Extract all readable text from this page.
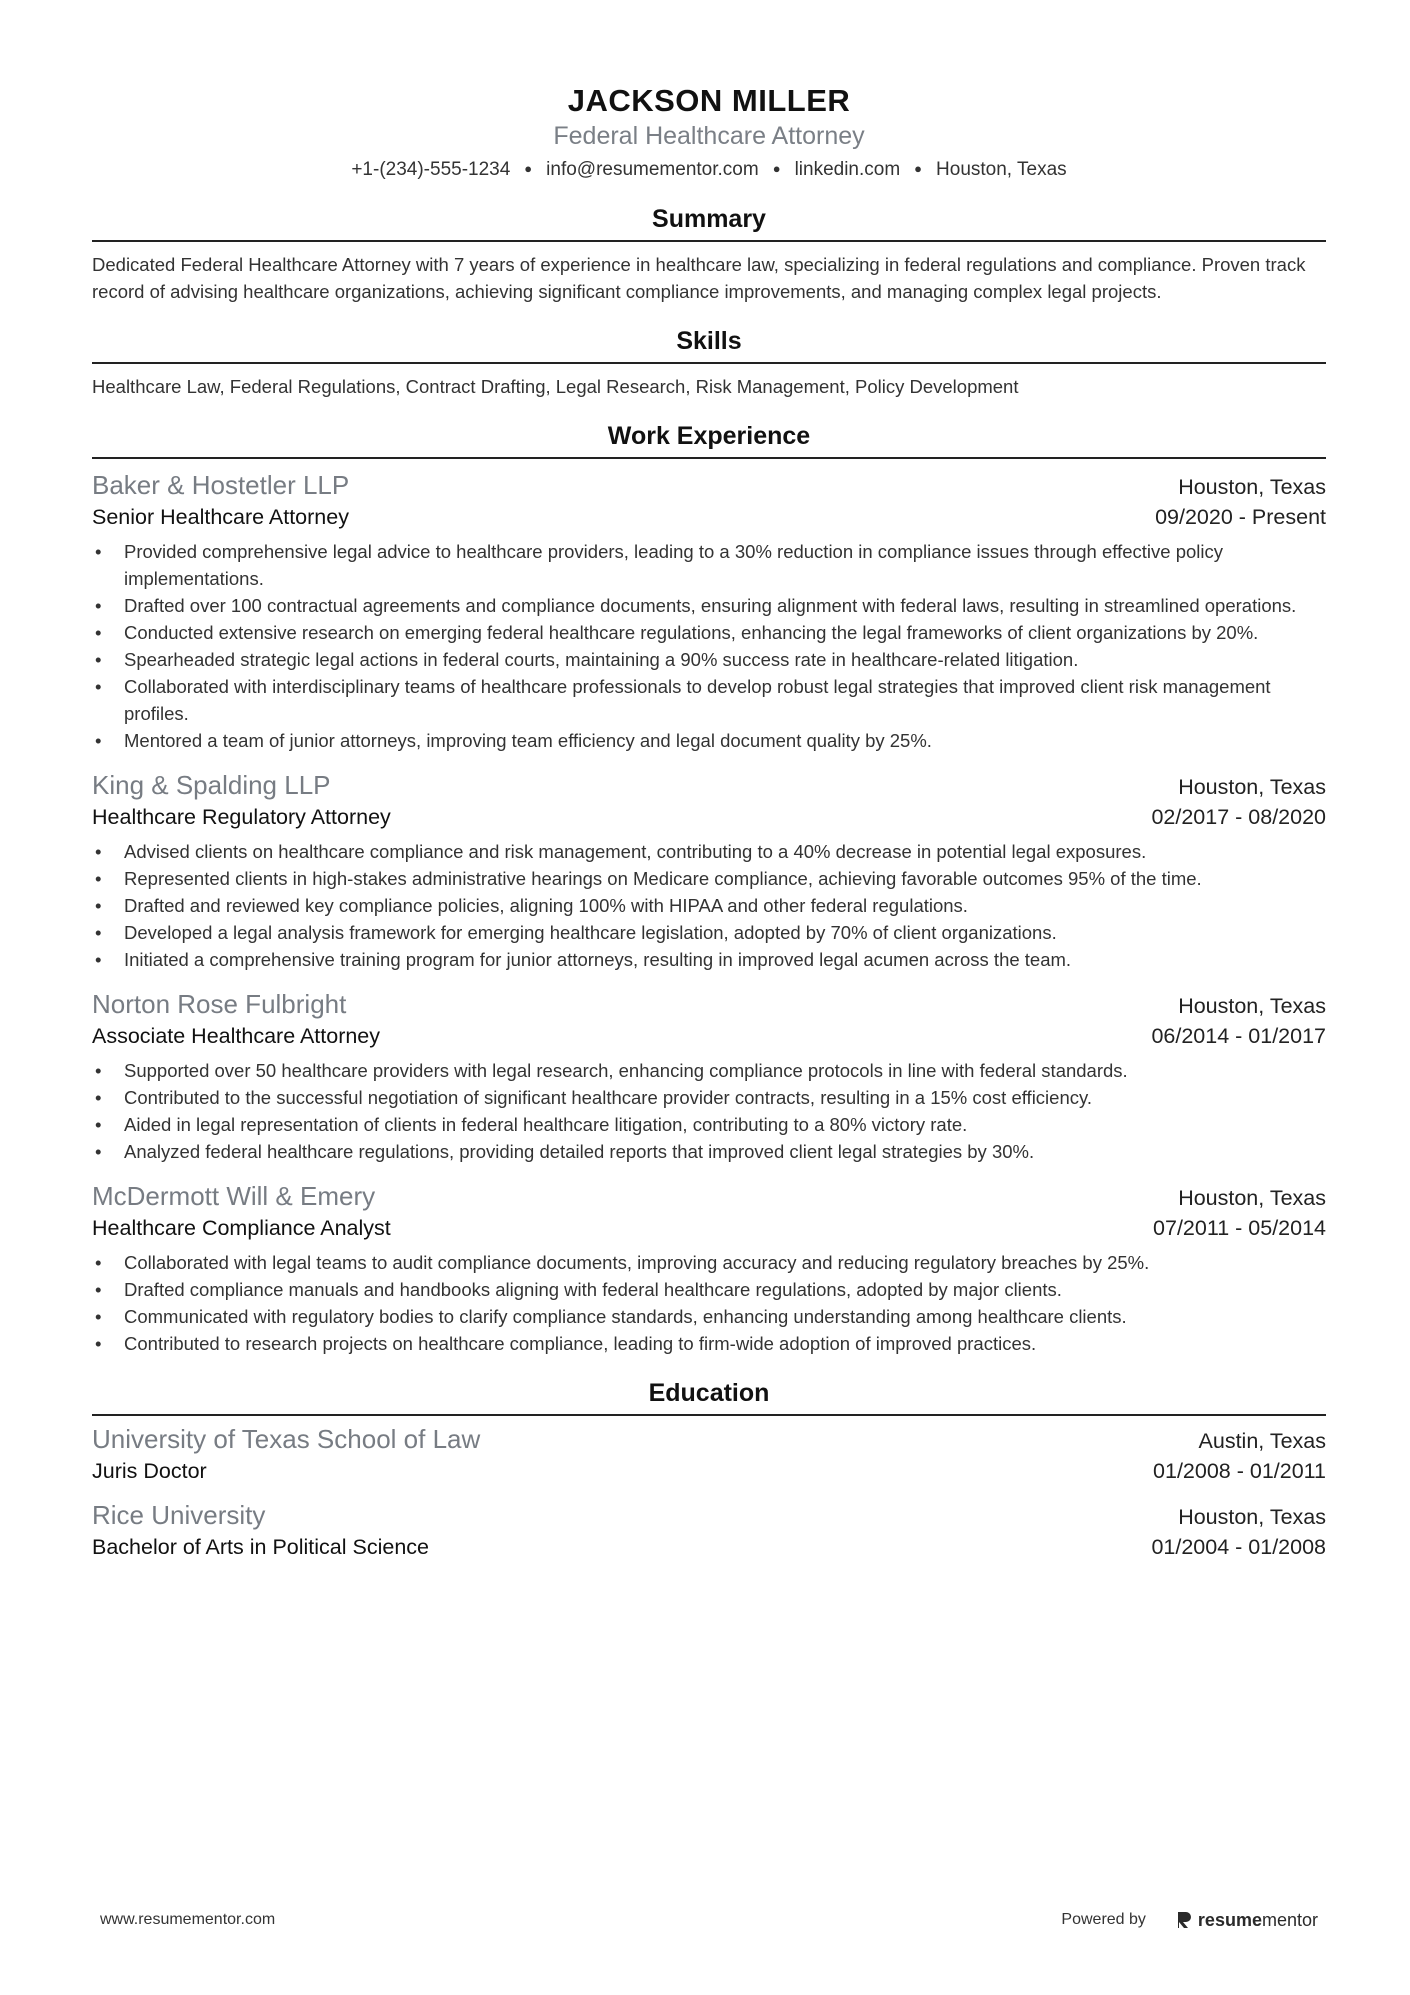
JACKSON MILLER
Federal Healthcare Attorney
+1-(234)-555-1234 ● info@resumementor.com ● linkedin.com ● Houston, Texas
Summary

Dedicated Federal Healthcare Attorney with 7 years of experience in healthcare law, specializing in federal regulations and compliance. Proven track record of advising healthcare organizations, achieving significant compliance improvements, and managing complex legal projects.

Skills

Healthcare Law, Federal Regulations, Contract Drafting, Legal Research, Risk Management, Policy Development

Work Experience
Baker & Hostetler LLP	Houston, Texas
Senior Healthcare Attorney	09/2020 - Present
• Provided comprehensive legal advice to healthcare providers, leading to a 30% reduction in compliance issues through effective policy implementations.
• Drafted over 100 contractual agreements and compliance documents, ensuring alignment with federal laws, resulting in streamlined operations.
• Conducted extensive research on emerging federal healthcare regulations, enhancing the legal frameworks of client organizations by 20%.
• Spearheaded strategic legal actions in federal courts, maintaining a 90% success rate in healthcare-related litigation.
• Collaborated with interdisciplinary teams of healthcare professionals to develop robust legal strategies that improved client risk management profiles.
• Mentored a team of junior attorneys, improving team efficiency and legal document quality by 25%.
King & Spalding LLP	Houston, Texas
Healthcare Regulatory Attorney	02/2017 - 08/2020
• Advised clients on healthcare compliance and risk management, contributing to a 40% decrease in potential legal exposures.
• Represented clients in high-stakes administrative hearings on Medicare compliance, achieving favorable outcomes 95% of the time.
• Drafted and reviewed key compliance policies, aligning 100% with HIPAA and other federal regulations.
• Developed a legal analysis framework for emerging healthcare legislation, adopted by 70% of client organizations.
• Initiated a comprehensive training program for junior attorneys, resulting in improved legal acumen across the team.
Norton Rose Fulbright	Houston, Texas
Associate Healthcare Attorney	06/2014 - 01/2017
• Supported over 50 healthcare providers with legal research, enhancing compliance protocols in line with federal standards.
• Contributed to the successful negotiation of significant healthcare provider contracts, resulting in a 15% cost efficiency.
• Aided in legal representation of clients in federal healthcare litigation, contributing to a 80% victory rate.
• Analyzed federal healthcare regulations, providing detailed reports that improved client legal strategies by 30%.
McDermott Will & Emery	Houston, Texas
Healthcare Compliance Analyst	07/2011 - 05/2014
• Collaborated with legal teams to audit compliance documents, improving accuracy and reducing regulatory breaches by 25%.
• Drafted compliance manuals and handbooks aligning with federal healthcare regulations, adopted by major clients.
• Communicated with regulatory bodies to clarify compliance standards, enhancing understanding among healthcare clients.
• Contributed to research projects on healthcare compliance, leading to firm-wide adoption of improved practices.
Education
University of Texas School of Law	Austin, Texas
Juris Doctor	01/2008 - 01/2011
Rice University	Houston, Texas
Bachelor of Arts in Political Science	01/2004 - 01/2008
www.resumementor.com	Powered by	resumementor
